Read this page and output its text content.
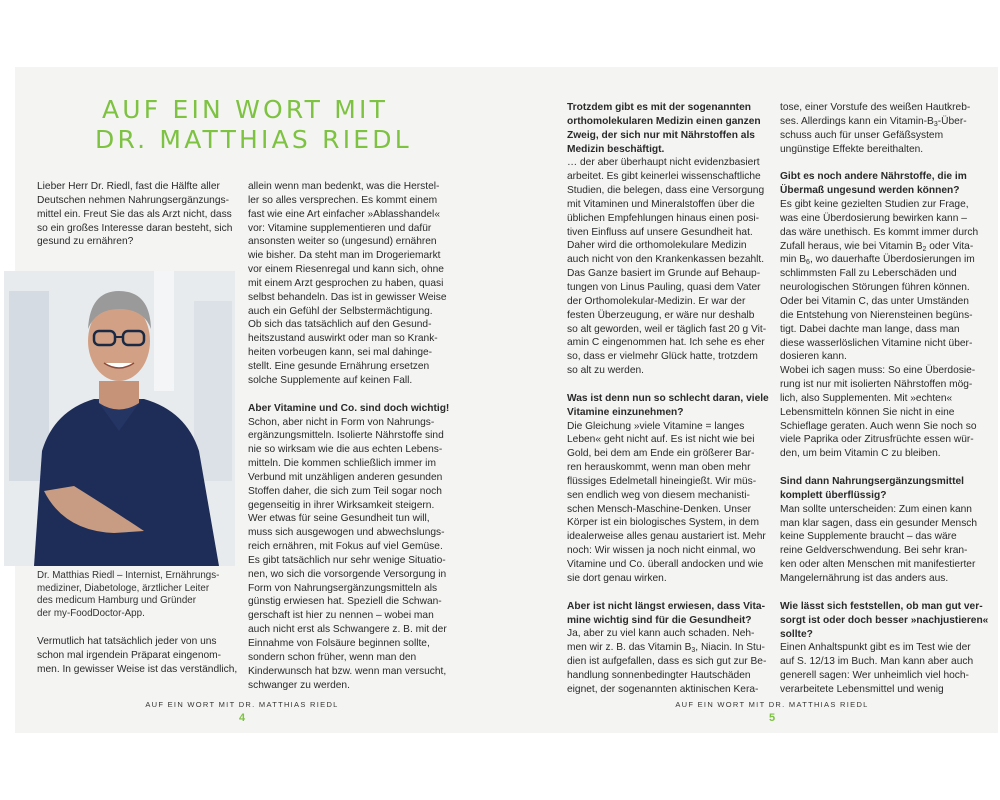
AUF EIN WORT MIT
DR. MATTHIAS RIEDL

Lieber Herr Dr. Riedl, fast die Hälfte aller

Deutschen nehmen Nahrungsergänzungs-

mittel ein. Freut Sie das als Arzt nicht, dass

so ein großes Interesse daran besteht, sich

gesund zu ernähren?

Dr. Matthias Riedl – Internist, Ernährungs-

mediziner, Diabetologe, ärztlicher Leiter

des medicum Hamburg und Gründer

der my-FoodDoctor-App.

Vermutlich hat tatsächlich jeder von uns

schon mal irgendein Präparat eingenom-

men. In gewisser Weise ist das verständlich,

allein wenn man bedenkt, was die Herstel-

ler so alles versprechen. Es kommt einem

fast wie eine Art einfacher »Ablasshandel«

vor: Vitamine supplementieren und dafür

ansonsten weiter so (ungesund) ernähren

wie bisher. Da steht man im Drogeriemarkt

vor einem Riesenregal und kann sich, ohne

mit einem Arzt gesprochen zu haben, quasi

selbst behandeln. Das ist in gewisser Weise

auch ein Gefühl der Selbstermächtigung.

Ob sich das tatsächlich auf den Gesund-

heitszustand auswirkt oder man so Krank-

heiten vorbeugen kann, sei mal dahinge-

stellt. Eine gesunde Ernährung ersetzen

solche Supplemente auf keinen Fall.

Aber Vitamine und Co. sind doch wichtig!

Schon, aber nicht in Form von Nahrungs-

ergänzungsmitteln. Isolierte Nährstoffe sind

nie so wirksam wie die aus echten Lebens-

mitteln. Die kommen schließlich immer im

Verbund mit unzähligen anderen gesunden

Stoffen daher, die sich zum Teil sogar noch

gegenseitig in ihrer Wirksamkeit steigern.

Wer etwas für seine Gesundheit tun will,

muss sich ausgewogen und abwechslungs-

reich ernähren, mit Fokus auf viel Gemüse.

Es gibt tatsächlich nur sehr wenige Situatio-

nen, wo sich die vorsorgende Versorgung in

Form von Nahrungsergänzungsmitteln als

günstig erwiesen hat. Speziell die Schwan-

gerschaft ist hier zu nennen – wobei man

auch nicht erst als Schwangere z. B. mit der

Einnahme von Folsäure beginnen sollte,

sondern schon früher, wenn man den

Kinderwunsch hat bzw. wenn man versucht,

schwanger zu werden.

Trotzdem gibt es mit der sogenannten

orthomolekularen Medizin einen ganzen

Zweig, der sich nur mit Nährstoffen als

Medizin beschäftigt.

… der aber überhaupt nicht evidenzbasiert

arbeitet. Es gibt keinerlei wissenschaftliche

Studien, die belegen, dass eine Versorgung

mit Vitaminen und Mineralstoffen über die

üblichen Empfehlungen hinaus einen posi-

tiven Einfluss auf unsere Gesundheit hat.

Daher wird die orthomolekulare Medizin

auch nicht von den Krankenkassen bezahlt.

Das Ganze basiert im Grunde auf Behaup-

tungen von Linus Pauling, quasi dem Vater

der Orthomolekular-Medizin. Er war der

festen Überzeugung, er wäre nur deshalb

so alt geworden, weil er täglich fast 20 g Vit-

amin C eingenommen hat. Ich sehe es eher

so, dass er vielmehr Glück hatte, trotzdem

so alt zu werden.

Was ist denn nun so schlecht daran, viele

Vitamine einzunehmen?

Die Gleichung »viele Vitamine = langes

Leben« geht nicht auf. Es ist nicht wie bei

Gold, bei dem am Ende ein größerer Bar-

ren herauskommt, wenn man oben mehr

flüssiges Edelmetall hineingießt. Wir müs-

sen endlich weg von diesem mechanisti-

schen Mensch-Maschine-Denken. Unser

Körper ist ein biologisches System, in dem

idealerweise alles genau austariert ist. Mehr

noch: Wir wissen ja noch nicht einmal, wo

Vitamine und Co. überall andocken und wie

sie dort genau wirken.

Aber ist nicht längst erwiesen, dass Vita-

mine wichtig sind für die Gesundheit?

Ja, aber zu viel kann auch schaden. Neh-

men wir z. B. das Vitamin $B_3$, Niacin. In Stu-

dien ist aufgefallen, dass es sich gut zur Be-

handlung sonnenbedingter Hautschäden

eignet, der sogenannten aktinischen Kera-

tose, einer Vorstufe des weißen Hautkreb-

ses. Allerdings kann ein Vitamin-$B_3-Über-$

schuss auch für unser Gefäßsystem

ungünstige Effekte bereithalten.

Gibt es noch andere Nährstoffe, die im

Übermaß ungesund werden können?

Es gibt keine gezielten Studien zur Frage,

was eine Überdosierung bewirken kann –

das wäre unethisch. Es kommt immer durch

Zufall heraus, wie bei Vitamin $B_2$ oder Vita-

$\min B_6$, wo dauerhafte Überdosierungen im

schlimmsten Fall zu Leberschäden und

neurologischen Störungen führen können.

Oder bei Vitamin C, das unter Umständen

die Entstehung von Nierensteinen begüns-

tigt. Dabei dachte man lange, dass man

diese wasserlöslichen Vitamine nicht über-

dosieren kann.

Wobei ich sagen muss: So eine Überdosie-

rung ist nur mit isolierten Nährstoffen mög-

lich, also Supplementen. Mit »echten«

Lebensmitteln können Sie nicht in eine

Schieflage geraten. Auch wenn Sie noch so

viele Paprika oder Zitrusfrüchte essen wür-

den, um beim Vitamin C zu bleiben.

Sind dann Nahrungsergänzungsmittel

komplett überflüssig?

Man sollte unterscheiden: Zum einen kann

man klar sagen, dass ein gesunder Mensch

keine Supplemente braucht – das wäre

reine Geldverschwendung. Bei sehr kran-

ken oder alten Menschen mit manifestierter

Mangelernährung ist das anders aus.

Wie lässt sich feststellen, ob man gut ver-

sorgt ist oder doch besser »nachjustieren«

sollte?

Einen Anhaltspunkt gibt es im Test wie der

auf S. 12/13 im Buch. Man kann aber auch

generell sagen: Wer unheimlich viel hoch-

verarbeitete Lebensmittel und wenig

AUF EIN WORT MIT DR. MATTHIAS RIEDL
4
AUF EIN WORT MIT DR. MATTHIAS RIEDL
5
